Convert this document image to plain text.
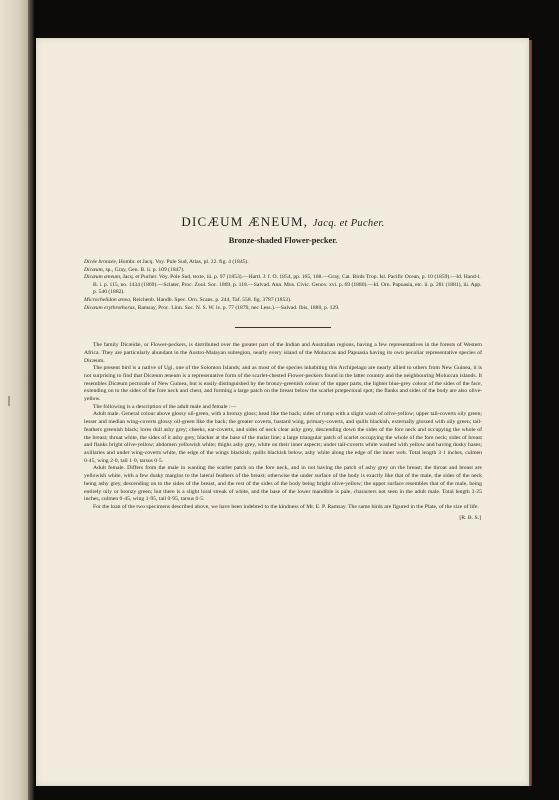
DICÆUM ÆNEUM, Jacq. et Pucher.
Bronze-shaded Flower-pecker.

Dicée bronzée, Hombr. et Jacq. Voy. Pole Sud, Atlas, pl. 22. fig. 4 (1845).

Dicæum, sp., Gray, Gen. B. ii. p. 109 (1847).

Dicæum æneum, Jacq. et Pucher. Voy. Pole Sud, texte, iii. p. 97 (1853).—Hartl. J. f. O. 1854, pp. 165, 168.—Gray, Cat. Birds Trop. Isl. Pacific Ocean, p. 10 (1859).—Id. Hand-l. B. i. p. 115, no. 1434 (1869).—Sclater, Proc. Zool. Soc. 1869, p. 118.—Salvad. Ann. Mus. Civic. Genov. xvi. p. 69 (1880).—Id. Orn. Papuasia, etc. ii. p. 281 (1881), iii. App. p. 540 (1882).

Microchelidon ænea, Reichenb. Handb. Spec. Orn. Scans. p. 244, Taf. 558. fig. 3787 (1853).

Dicæum erythrothorax, Ramsay, Proc. Linn. Soc. N. S. W. iv. p. 77 (1879, nec Less.).—Salvad. Ibis, 1880, p. 129.

The family Dicæidæ, or Flower-peckers, is distributed over the greater part of the Indian and Australian regions, having a few representatives in the forests of Western Africa. They are particularly abundant in the Austro-Malayan subregion, nearly every island of the Moluccas and Papuasia having its own peculiar representative species of Dicæum.

The present bird is a native of Ugi, one of the Solomon Islands; and as most of the species inhabiting this Archipelago are nearly allied to others from New Guinea, it is not surprising to find that Dicæum æneum is a representative form of the scarlet-chested Flower-peckers found in the latter country and the neighbouring Moluccan islands. It resembles Dicæum pectorale of New Guinea, but is easily distinguished by the bronzy-greenish colour of the upper parts, the lighter blue-grey colour of the sides of the face, extending on to the sides of the fore neck and chest, and forming a large patch on the breast below the scarlet præpectoral spot; the flanks and sides of the body are also olive-yellow.

The following is a description of the adult male and female :—

Adult male. General colour above glossy oil-green, with a bronzy gloss; head like the back; sides of rump with a slight wash of olive-yellow; upper tail-coverts oily green; lesser and median wing-coverts glossy oil-green like the back; the greater coverts, bastard wing, primary-coverts, and quills blackish, externally glossed with oily green; tail-feathers greenish black; lores dull ashy grey; cheeks, ear-coverts, and sides of neck clear ashy grey, descending down the sides of the fore neck and occupying the whole of the breast; throat white, the sides of it ashy grey, blacker at the base of the malar line; a large triangular patch of scarlet occupying the whole of the fore neck; sides of breast and flanks bright olive-yellow; abdomen yellowish white; thighs ashy grey, white on their inner aspects; under tail-coverts white washed with yellow and having dusky bases; axillaries and under wing-coverts white, the edge of the wings blackish; quills blackish below, ashy white along the edge of the inner web. Total length 3·1 inches, culmen 0·45, wing 2·0, tail 1·0, tarsus 0·5.

Adult female. Differs from the male in wanting the scarlet patch on the fore neck, and in not having the patch of ashy grey on the breast; the throat and breast are yellowish white, with a few dusky margins to the lateral feathers of the breast; otherwise the under surface of the body is exactly like that of the male, the sides of the neck being ashy grey, descending on to the sides of the breast, and the rest of the sides of the body being bright olive-yellow; the upper surface resembles that of the male, being entirely oily or bronzy green; but there is a slight loral streak of white, and the base of the lower mandible is pale, characters not seen in the adult male. Total length 3·25 inches, culmen 0·45, wing 1·95, tail 0·95, tarsus 0·5.

For the loan of the two specimens described above, we have been indebted to the kindness of Mr. E. P. Ramsay. The same birds are figured in the Plate, of the size of life.

[R. B. S.]
